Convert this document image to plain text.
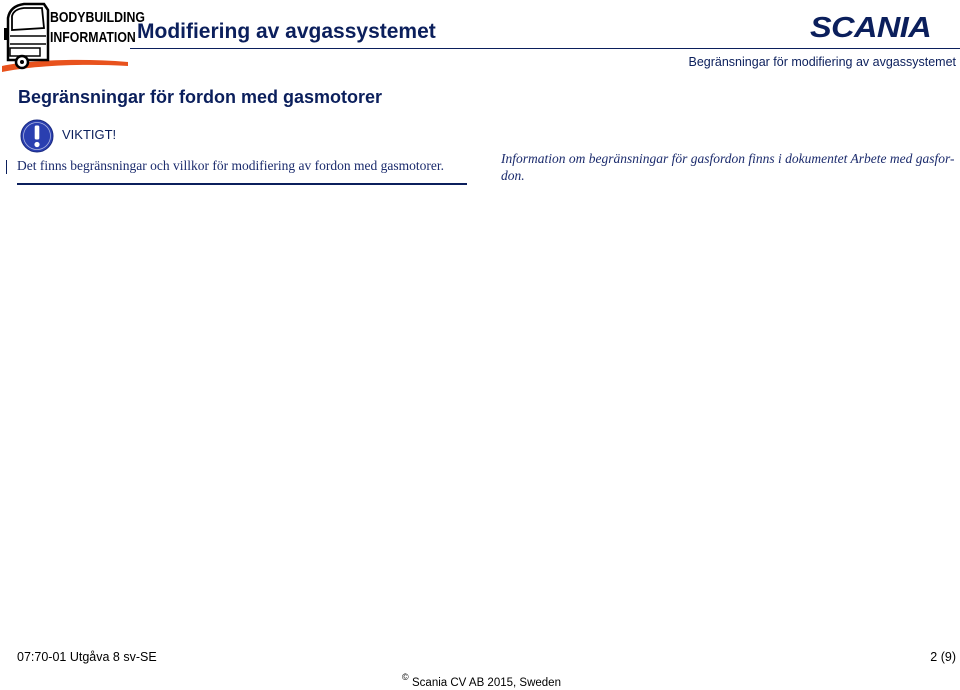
BODYBUILDING
INFORMATION Modifiering av avgassystemet	SCANIA
Begränsningar för modifiering av avgassystemet
Begränsningar för fordon med gasmotorer
VIKTIGT!
Det finns begränsningar och villkor för modifiering av fordon med gasmotorer.	Information om begränsningar för gasfordon finns i dokumentet Arbete med gasfor-don.
07:70-01 Utgåva 8 sv-SE	2 (9)
© Scania CV AB 2015, Sweden
